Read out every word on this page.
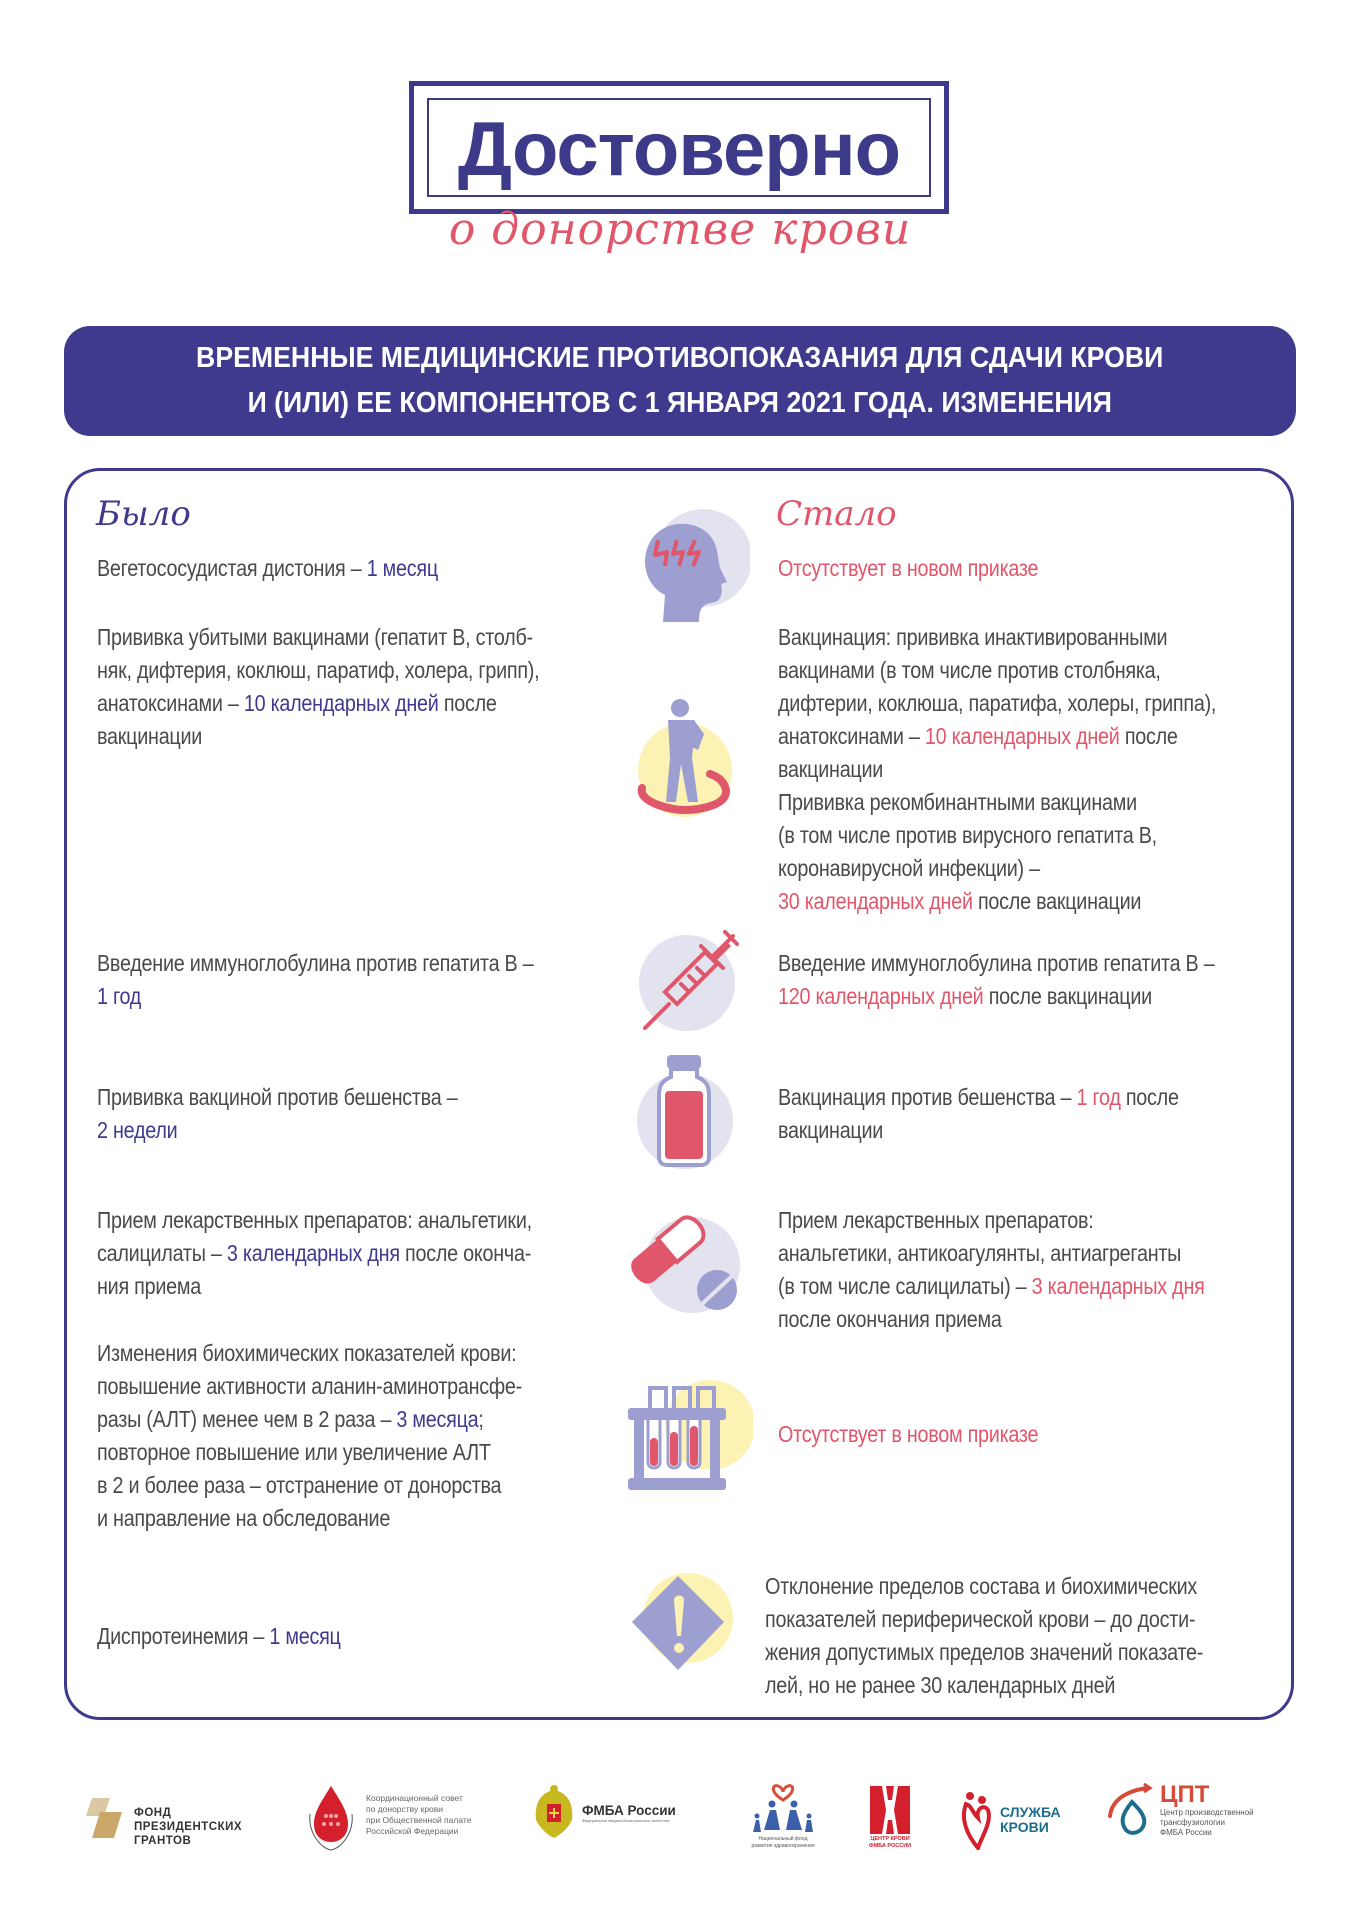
Достоверно
о донорстве крови
ВРЕМЕННЫЕ МЕДИЦИНСКИЕ ПРОТИВОПОКАЗАНИЯ ДЛЯ СДАЧИ КРОВИ
И (ИЛИ) ЕЕ КОМПОНЕНТОВ С 1 ЯНВАРЯ 2021 ГОДА. ИЗМЕНЕНИЯ
Было	Стало
Вегетососудистая дистония – 1 месяц	Отсутствует в новом приказе
Прививка убитыми вакцинами (гепатит В, столб-
няк, дифтерия, коклюш, паратиф, холера, грипп),
анатоксинами – 10 календарных дней после
вакцинации
Вакцинация: прививка инактивированными
вакцинами (в том числе против столбняка,
дифтерии, коклюша, паратифа, холеры, гриппа),
анатоксинами – 10 календарных дней после
вакцинации
Прививка рекомбинантными вакцинами
(в том числе против вирусного гепатита В,
коронавирусной инфекции) –
30 календарных дней после вакцинации
Введение иммуноглобулина против гепатита В –
1 год
Введение иммуноглобулина против гепатита В –
120 календарных дней после вакцинации
Прививка вакциной против бешенства –
2 недели
Вакцинация против бешенства – 1 год после
вакцинации
Прием лекарственных препаратов: анальгетики,
салицилаты – 3 календарных дня после оконча-
ния приема
Прием лекарственных препаратов:
анальгетики, антикоагулянты, антиагреганты
(в том числе салицилаты) – 3 календарных дня
после окончания приема
Изменения биохимических показателей крови:
повышение активности аланин-аминотрансфе-
разы (АЛТ) менее чем в 2 раза – 3 месяца;
повторное повышение или увеличение АЛТ
в 2 и более раза – отстранение от донорства
и направление на обследование
Отсутствует в новом приказе
Диспротеинемия – 1 месяц
Отклонение пределов состава и биохимических
показателей периферической крови – до дости-
жения допустимых пределов значений показате-
лей, но не ранее 30 календарных дней
ФОНД
ПРЕЗИДЕНТСКИХ
ГРАНТОВ
Координационный совет
по донорству крови
при Общественной палате
Российской Федерации
ФМБА России
Федеральное медико-биологическое агентство
Национальный фонд
развития здравоохранения
ЦЕНТР КРОВИ
ФМБА РОССИИ
СЛУЖБА
КРОВИ
ЦПТ
Центр производственной
трансфузиологии
ФМБА России
